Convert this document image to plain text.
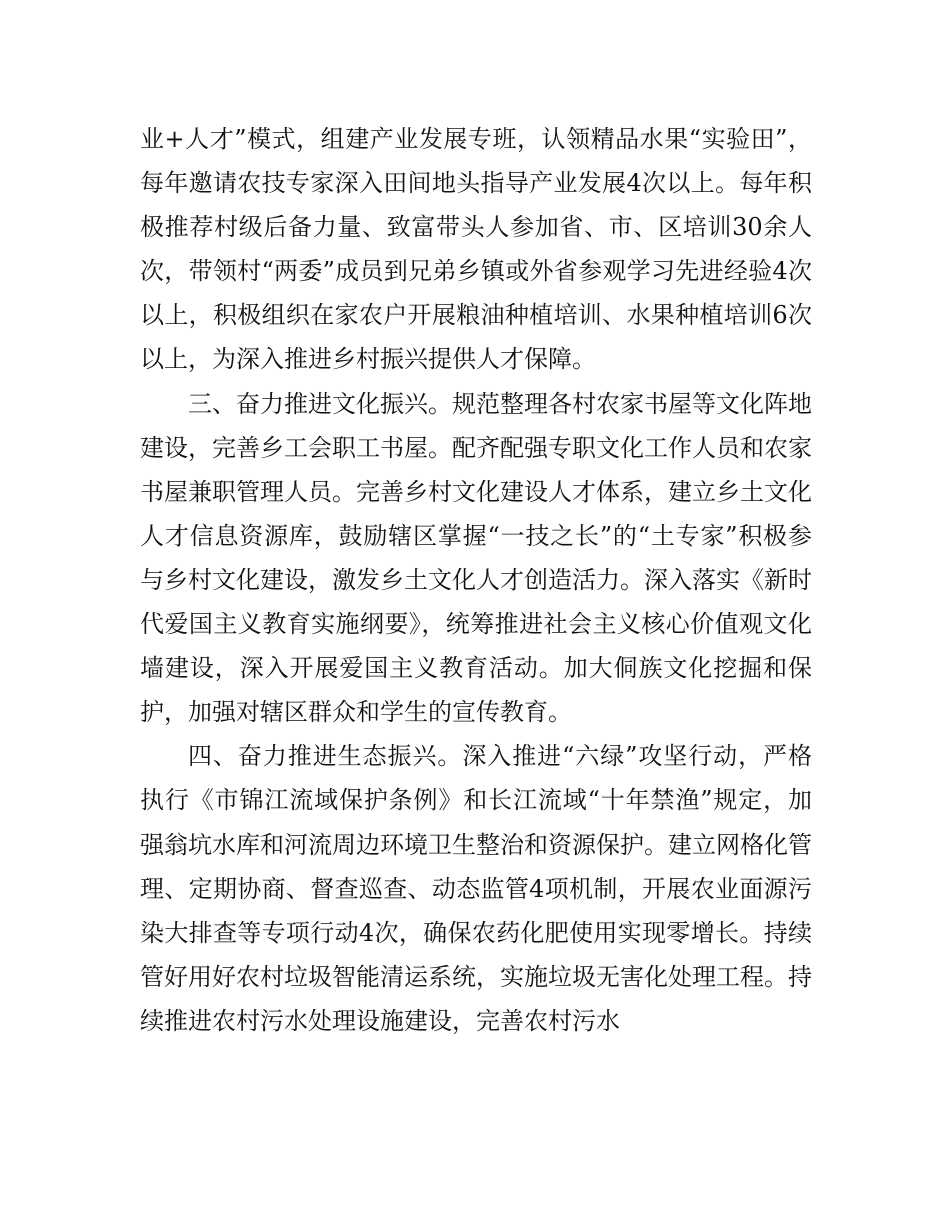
业+人才”模式，组建产业发展专班，认领精品水果“实验田”，每年邀请农技专家深入田间地头指导产业发展4次以上。每年积极推荐村级后备力量、致富带头人参加省、市、区培训30余人次，带领村“两委”成员到兄弟乡镇或外省参观学习先进经验4次以上，积极组织在家农户开展粮油种植培训、水果种植培训6次以上，为深入推进乡村振兴提供人才保障。

三、奋力推进文化振兴。规范整理各村农家书屋等文化阵地建设，完善乡工会职工书屋。配齐配强专职文化工作人员和农家书屋兼职管理人员。完善乡村文化建设人才体系，建立乡土文化人才信息资源库，鼓励辖区掌握“一技之长”的“土专家”积极参与乡村文化建设，激发乡土文化人才创造活力。深入落实《新时代爱国主义教育实施纲要》，统筹推进社会主义核心价值观文化墙建设，深入开展爱国主义教育活动。加大侗族文化挖掘和保护，加强对辖区群众和学生的宣传教育。

四、奋力推进生态振兴。深入推进“六绿”攻坚行动，严格执行《市锦江流域保护条例》和长江流域“十年禁渔”规定，加强翁坑水库和河流周边环境卫生整治和资源保护。建立网格化管理、定期协商、督查巡查、动态监管4项机制，开展农业面源污染大排查等专项行动4次，确保农药化肥使用实现零增长。持续管好用好农村垃圾智能清运系统，实施垃圾无害化处理工程。持续推进农村污水处理设施建设，完善农村污水
